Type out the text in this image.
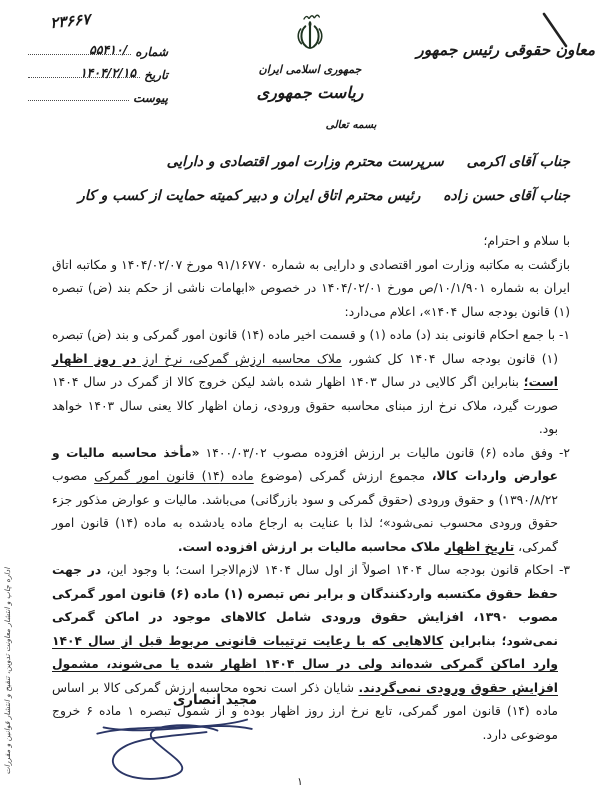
اداره چاپ و انتشار معاونت تدوین، تنقیح و انتشار قوانین و مقررات
۲۳۶۶۷
شماره
۵۵۴۱۰/
تاریخ
۱۴۰۴/۲/۱۵
پیوست
جمهوری اسلامی ایران
ریاست جمهوری
معاون حقوقی رئیس جمهور
بسمه تعالی
جناب آقای اکرمی سرپرست محترم وزارت امور اقتصادی و دارایی
جناب آقای حسن زاده رئیس محترم اتاق ایران و دبیر کمیته حمایت از کسب و کار

با سلام و احترام؛

بازگشت به مکاتبه وزارت امور اقتصادی و دارایی به شماره ۹۱/۱۶۷۷۰ مورخ ۱۴۰۴/۰۲/۰۷ و مکاتبه اتاق ایران به شماره ۱۰/۱/۹۰۱/ص مورخ ۱۴۰۴/۰۲/۰۱ در خصوص «ابهامات ناشی از حکم بند (ض) تبصره (۱) قانون بودجه سال ۱۴۰۴»، اعلام می‌دارد:

۱- با جمع احکام قانونی بند (د) ماده (۱) و قسمت اخیر ماده (۱۴) قانون امور گمرکی و بند (ض) تبصره (۱) قانون بودجه سال ۱۴۰۴ کل کشور، ملاک محاسبه ارزش گمرکی، نرخ ارز در روز اظهار است؛ بنابراین اگر کالایی در سال ۱۴۰۳ اظهار شده باشد لیکن خروج کالا از گمرک در سال ۱۴۰۴ صورت گیرد، ملاک نرخ ارز مبنای محاسبه حقوق ورودی، زمان اظهار کالا یعنی سال ۱۴۰۳ خواهد بود.

۲- وفق ماده (۶) قانون مالیات بر ارزش افزوده مصوب ۱۴۰۰/۰۳/۰۲ «مأخذ محاسبه مالیات و عوارض واردات کالا، مجموع ارزش گمرکی (موضوع ماده (۱۴) قانون امور گمرکی مصوب ۱۳۹۰/۸/۲۲) و حقوق ورودی (حقوق گمرکی و سود بازرگانی) می‌باشد. مالیات و عوارض مذکور جزء حقوق ورودی محسوب نمی‌شود»؛ لذا با عنایت به ارجاع ماده یادشده به ماده (۱۴) قانون امور گمرکی، تاریخ اظهار ملاک محاسبه مالیات بر ارزش افزوده است.

۳- احکام قانون بودجه سال ۱۴۰۴ اصولاً از اول سال ۱۴۰۴ لازم‌الاجرا است؛ با وجود این، در جهت حفظ حقوق مکتسبه واردکنندگان و برابر نص تبصره (۱) ماده (۶) قانون امور گمرکی مصوب ۱۳۹۰، افزایش حقوق ورودی شامل کالاهای موجود در اماکن گمرکی نمی‌شود؛ بنابراین کالاهایی که با رعایت ترتیبات قانونی مربوط قبل از سال ۱۴۰۴ وارد اماکن گمرکی شده‌اند ولی در سال ۱۴۰۴ اظهار شده یا می‌شوند، مشمول افزایش حقوق ورودی نمی‌گردند. شایان ذکر است نحوه محاسبه ارزش گمرکی کالا بر اساس ماده (۱۴) قانون امور گمرکی، تابع نرخ ارز روز اظهار بوده و از شمول تبصره ۱ ماده ۶ خروج موضوعی دارد.

مجید انصاری
۱
